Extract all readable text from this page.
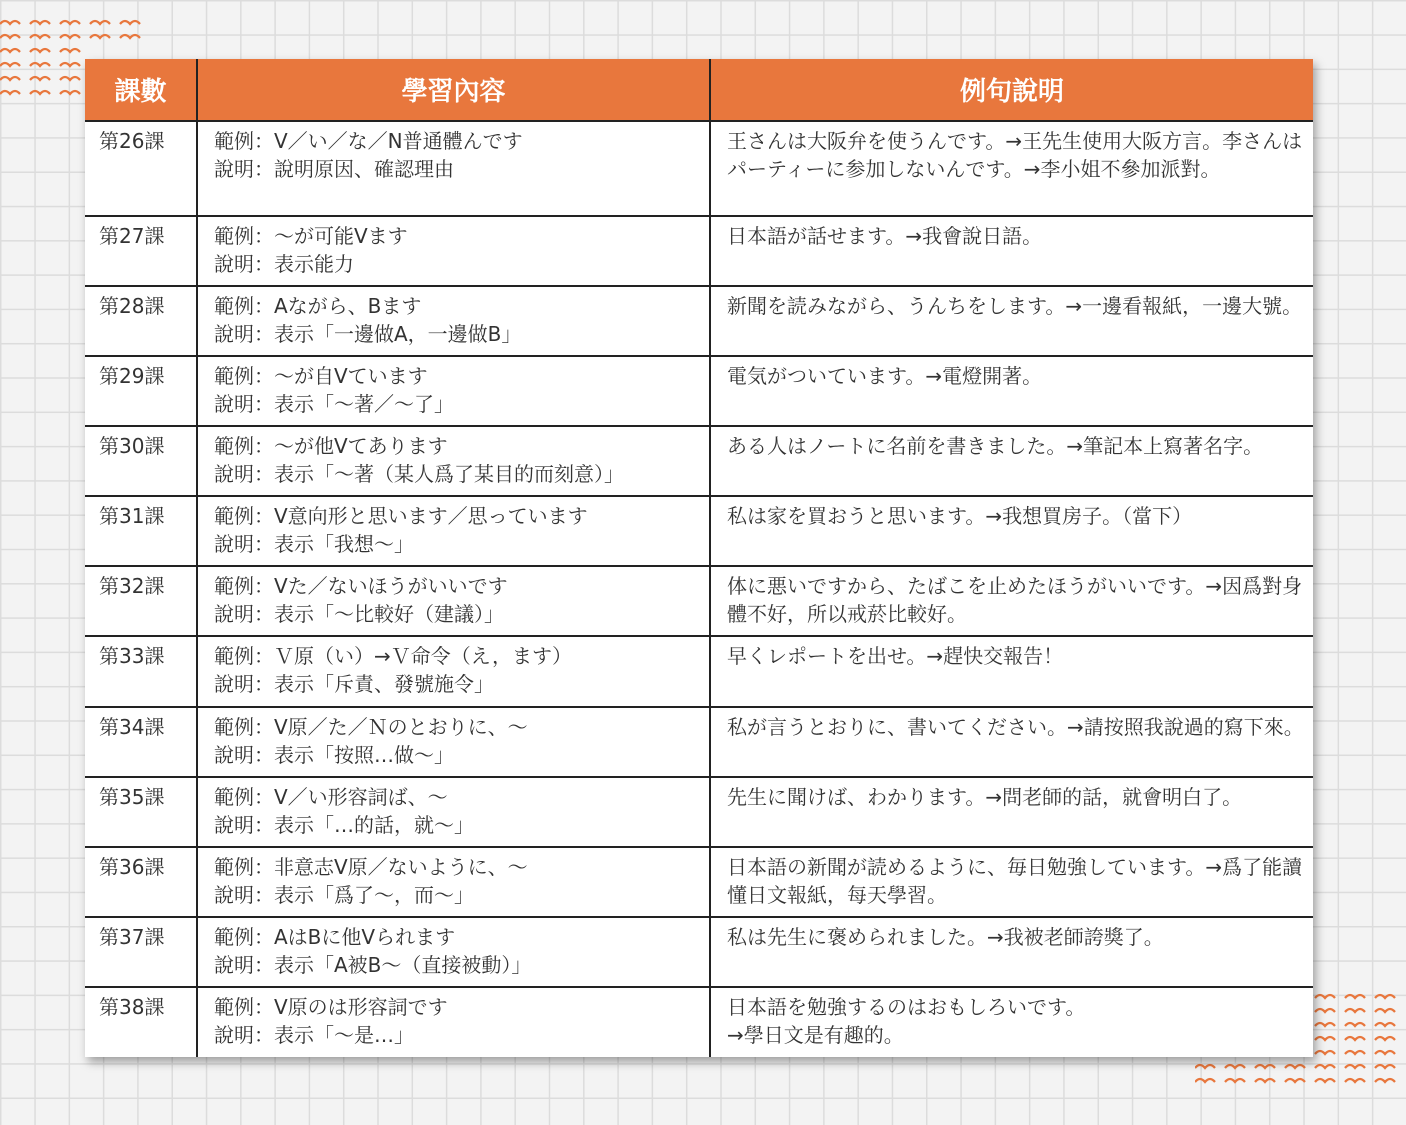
課數	學習內容	例句說明
第26課	範例：V／い／な／N普通體んです
說明：說明原因、確認理由	王さんは大阪弁を使うんです。→王先生使用大阪方言。李さんはパーティーに参加しないんです。→李小姐不參加派對。

第27課	範例：～が可能Vます
說明：表示能力	日本語が話せます。→我會說日語。

第28課	範例：Aながら、Bます
說明：表示「一邊做A，一邊做B」	新聞を読みながら、うんちをします。→一邊看報紙，一邊大號。

第29課	範例：～が自Vています
說明：表示「～著／～了」	電気がついています。→電燈開著。

第30課	範例：～が他Vてあります
說明：表示「～著（某人爲了某目的而刻意）」	ある人はノートに名前を書きました。→筆記本上寫著名字。

第31課	範例：V意向形と思います／思っています
說明：表示「我想～」	私は家を買おうと思います。→我想買房子。（當下）

第32課	範例：Vた／ないほうがいいです
說明：表示「～比較好（建議）」	体に悪いですから、たばこを止めたほうがいいです。→因爲對身體不好，所以戒菸比較好。

第33課	範例：Ｖ原（い）→Ｖ命令（え，ます）
說明：表示「斥責、發號施令」	早くレポートを出せ。→趕快交報告！

第34課	範例：V原／た／Ｎのとおりに、～
說明：表示「按照…做～」	私が言うとおりに、書いてください。→請按照我說過的寫下來。

第35課	範例：V／い形容詞ば、～
說明：表示「…的話，就～」	先生に聞けば、わかります。→問老師的話，就會明白了。

第36課	範例：非意志V原／ないように、～
說明：表示「爲了～，而～」	日本語の新聞が読めるように、毎日勉強しています。→爲了能讀懂日文報紙，每天學習。

第37課	範例：AはBに他Vられます
說明：表示「A被B～（直接被動）」	私は先生に褒められました。→我被老師誇獎了。

第38課	範例：V原のは形容詞です
說明：表示「～是…」	日本語を勉強するのはおもしろいです。
→學日文是有趣的。
